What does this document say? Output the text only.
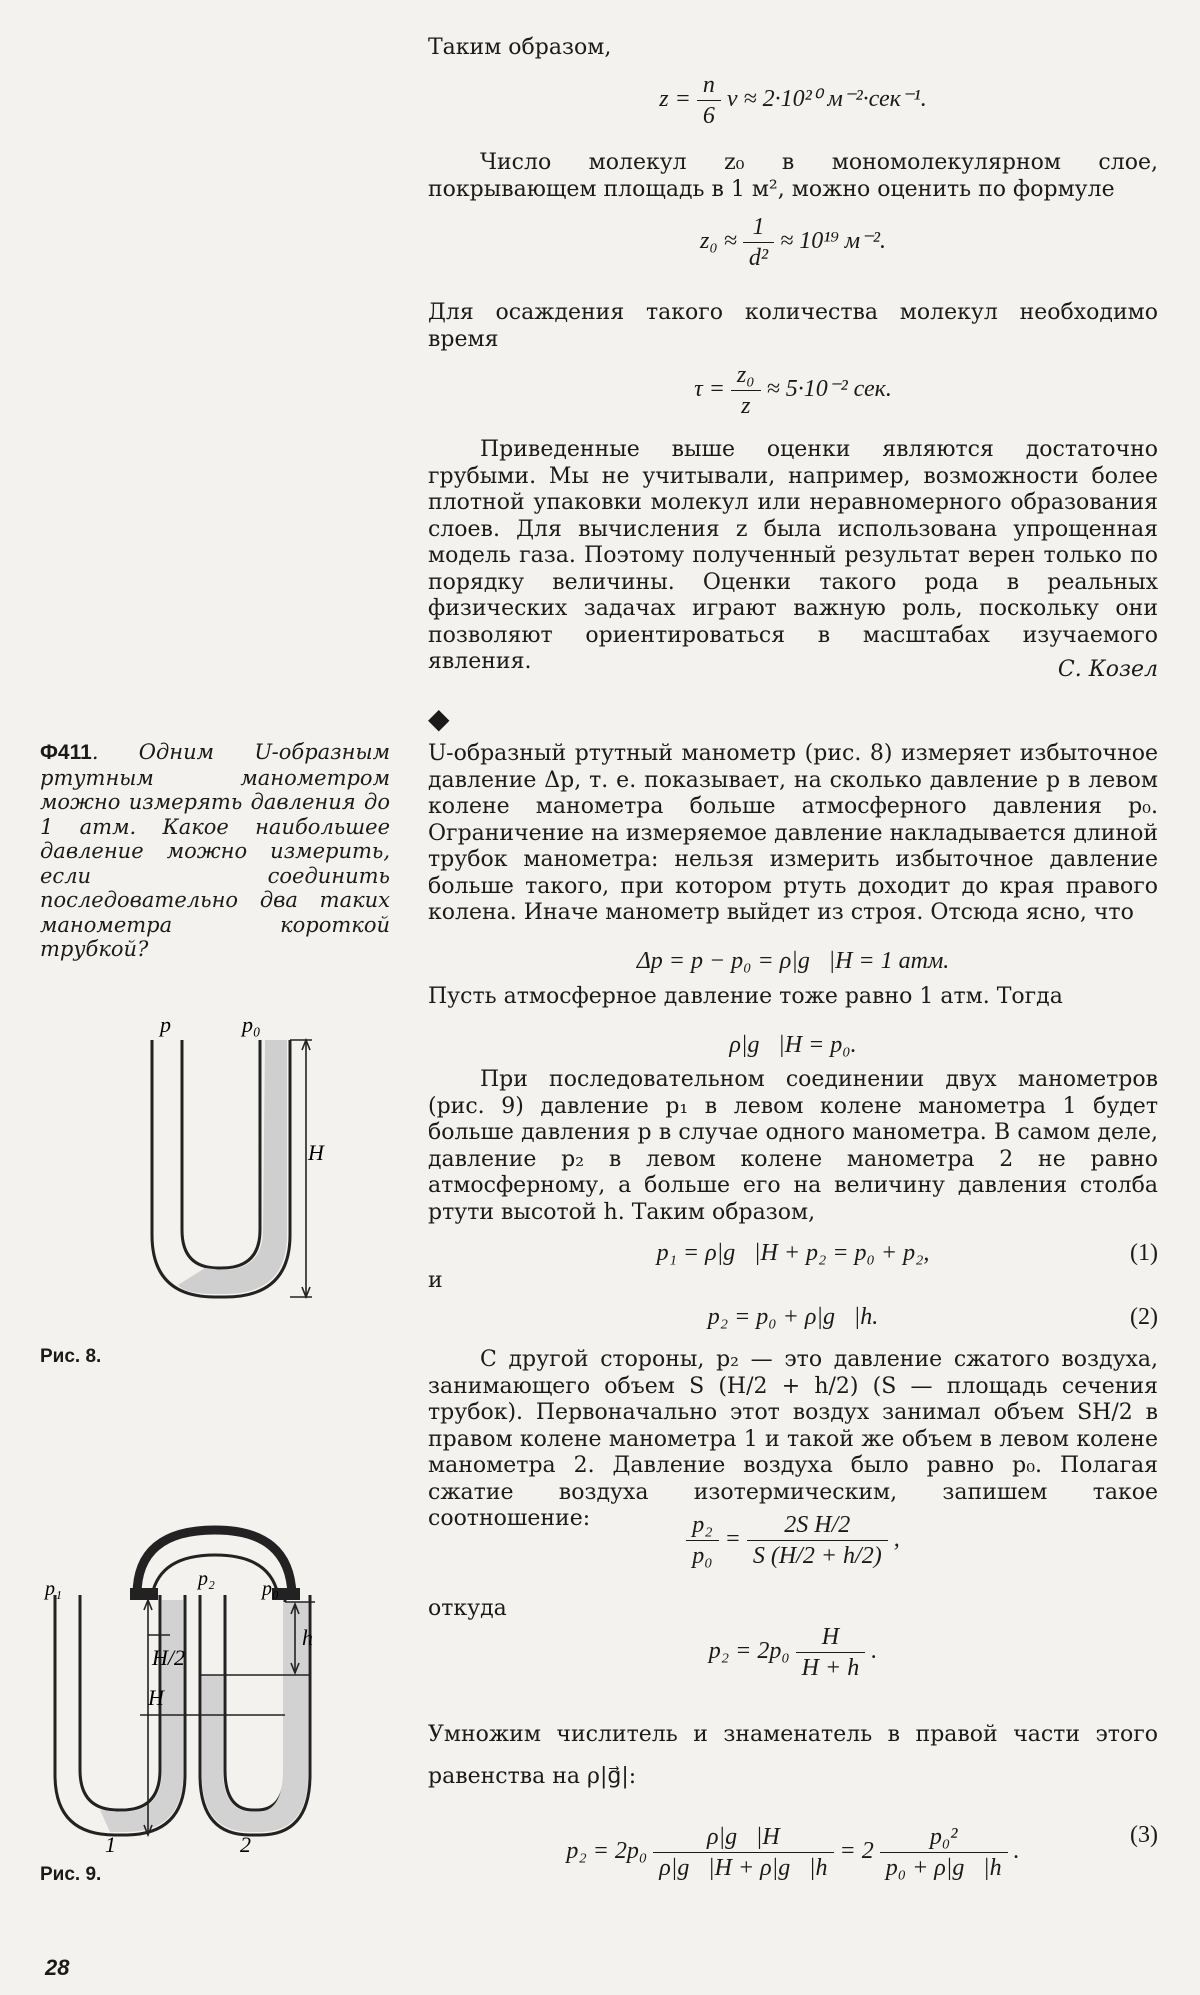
Таким образом,
$z = \frac{n}{6}$ v ≈ 2·10²⁰ м⁻²·сек⁻¹.
Число молекул z₀ в мономолекулярном слое, покрывающем площадь в 1 м², можно оценить по формуле
$z_0 \approx \frac{1}{\text{d²}} \approx 10^{19}$ м⁻².
Для осаждения такого количества молекул необходимо время
$\tau = \frac{\text{z₀}}{z} \approx 5\cdot 10^{-2}$ сек.
Приведенные выше оценки являются достаточно грубыми. Мы не учитывали, например, возможности более плотной упаковки молекул или неравномерного образования слоев. Для вычисления z была использована упрощенная модель газа. Поэтому полученный результат верен только по порядку величины. Оценки такого рода в реальных физических задачах играют важную роль, поскольку они позволяют ориентироваться в масштабах изучаемого явления.	С. Козел
Ф411. Одним U-образным ртутным манометром можно измерять давления до 1 атм. Какое наибольшее давление можно измерить, если соединить последовательно два таких манометра короткой трубкой?
◆
U-образный ртутный манометр (рис. 8) измеряет избыточное давление Δp, т. е. показывает, на сколько давление p в левом колене манометра больше атмосферного давления p₀. Ограничение на измеряемое давление накладывается длиной трубок манометра: нельзя измерить избыточное давление больше такого, при котором ртуть доходит до края правого колена. Иначе манометр выйдет из строя. Отсюда ясно, что
Δp = p − p₀ = ρ|g⃗|H = 1 атм.
Пусть атмосферное давление тоже равно 1 атм. Тогда
ρ|g⃗|H = p₀.
При последовательном соединении двух манометров (рис. 9) давление p₁ в левом колене манометра 1 будет больше давления p в случае одного манометра. В самом деле, давление p₂ в левом колене манометра 2 не равно атмосферному, а больше его на величину давления столба ртути высотой h. Таким образом,
p₁ = ρ|g⃗|H + p₂ = p₀ + p₂,	(1)
и
p₂ = p₀ + ρ|g⃗|h.	(2)
С другой стороны, p₂ — это давление сжатого воздуха, занимающего объем S (H/2 + h/2) (S — площадь сечения трубок). Первоначально этот воздух занимал объем SH/2 в правом колене манометра 1 и такой же объем в левом колене манометра 2. Давление воздуха было равно p₀. Полагая сжатие воздуха изотермическим, запишем такое соотношение:	$\frac{\text{p₂}}{\text{p₀}} = \frac{\text{2S H/2}}{S (H/2 + h/2)}$ ,
откуда
$p_2 = 2p_0 \frac{H}{H + h}$ .
Умножим числитель и знаменатель в правой части этого равенства на ρ|g⃗|:
$p_2 = 2p_0 \frac{\rho|g⃗|H}{\rho|g⃗|H + \rho|g⃗|h} = 2 \frac{\text{p₀²}}{\text{p₀ + ρ|g⃗|h}}$ .
(3)
p	p₀
H
Рис. 8.
p₁	p₂ p₀
H/2
H
h
1	2
Рис. 9.
28
